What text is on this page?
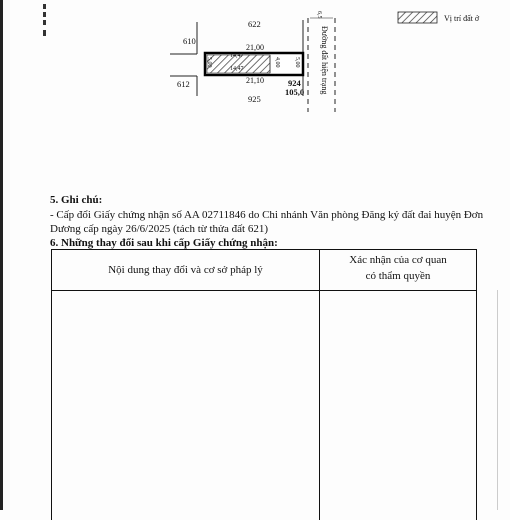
622
610
612
925
924
105,0
21,00
14,47
14,47
21,10
5,00	4,00 5,00
6,5
Đường đất hiện trạng
Vị trí đất ở
5. Ghi chú:
- Cấp đổi Giấy chứng nhận số AA 02711846 do Chi nhánh Văn phòng Đăng ký đất đai huyện Đơn
Dương cấp ngày 26/6/2025 (tách từ thửa đất 621)
6. Những thay đổi sau khi cấp Giấy chứng nhận:
Nội dung thay đổi và cơ sở pháp lý
Xác nhận của cơ quan
có thẩm quyền
